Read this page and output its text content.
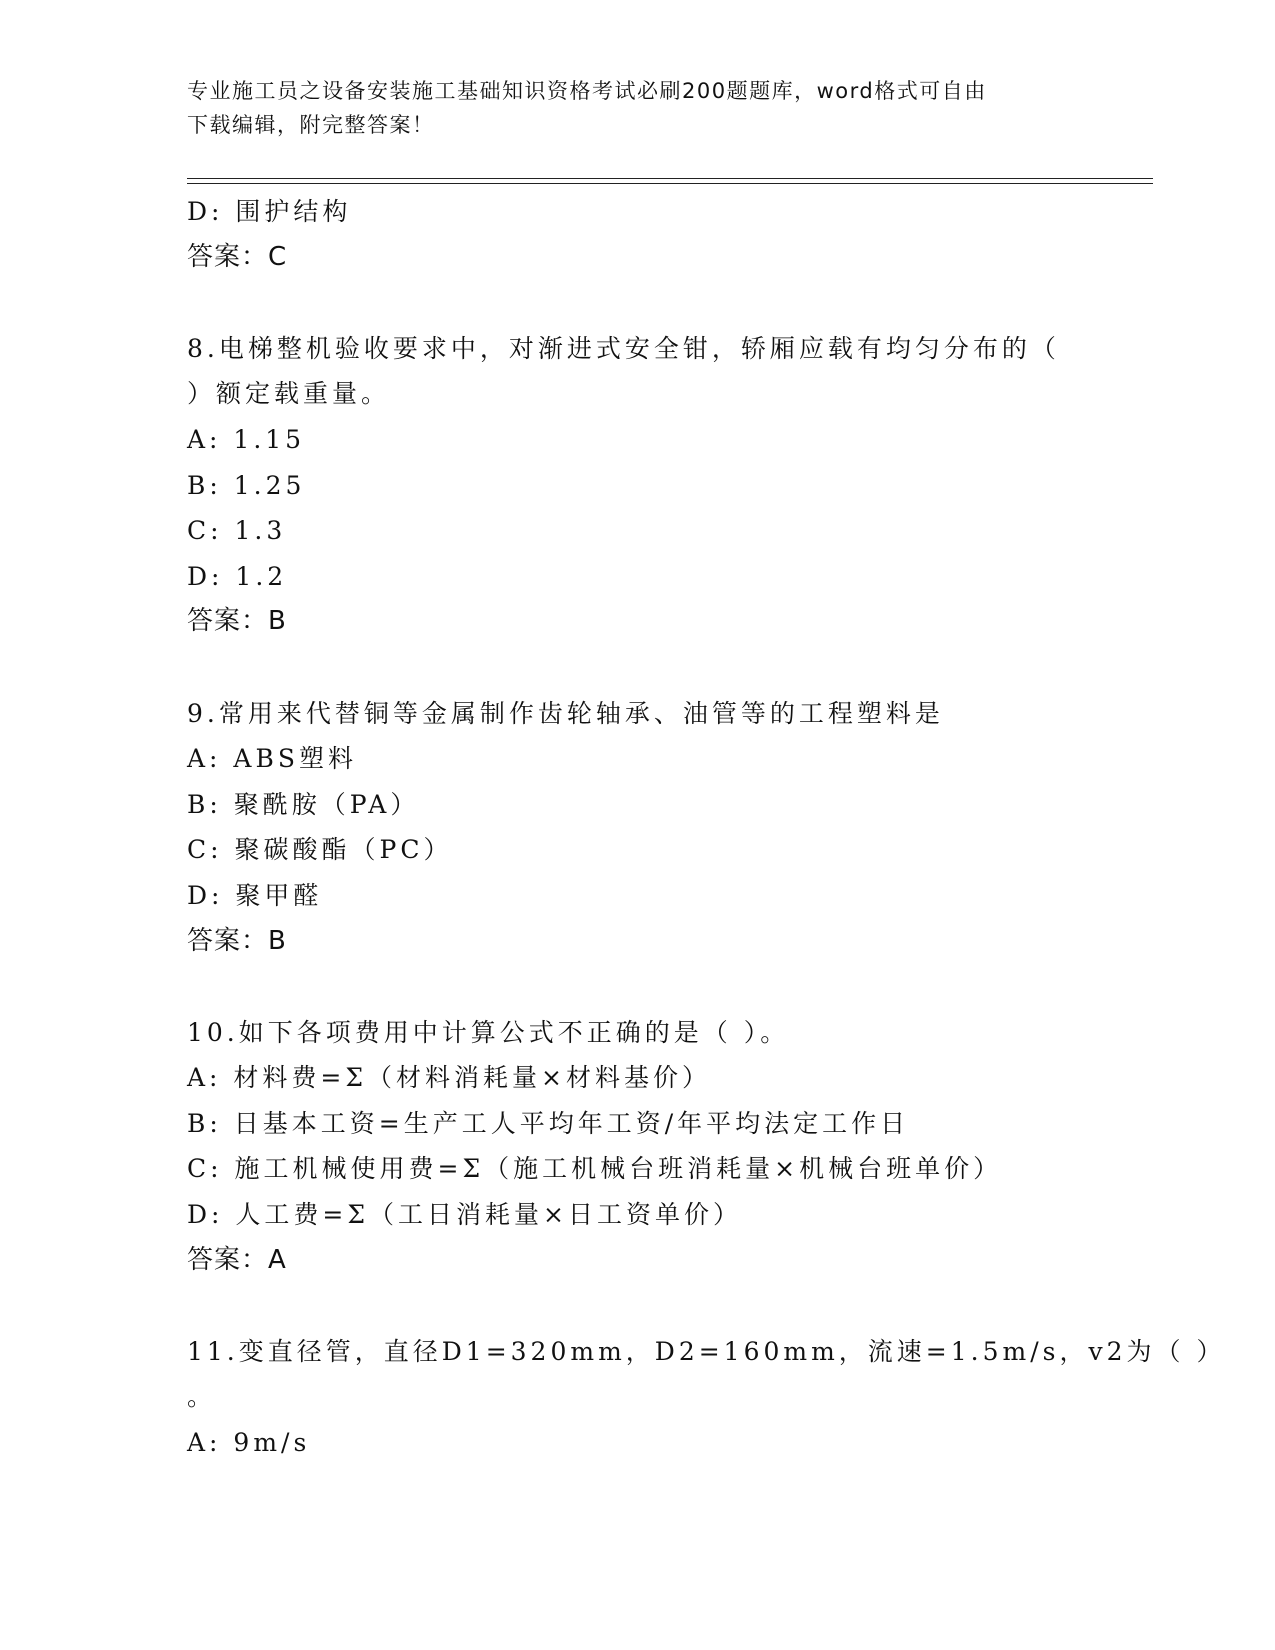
专业施工员之设备安装施工基础知识资格考试必刷200题题库，word格式可自由
下载编辑，附完整答案！
D: 围护结构
答案：C
8.电梯整机验收要求中，对渐进式安全钳，轿厢应载有均匀分布的（
）额定载重量。
A: 1.15
B: 1.25
C: 1.3
D: 1.2
答案：B
9.常用来代替铜等金属制作齿轮轴承、油管等的工程塑料是
A: ABS塑料
B: 聚酰胺（PA）
C: 聚碳酸酯（PC）
D: 聚甲醛
答案：B
10.如下各项费用中计算公式不正确的是（ ）。
A: 材料费=Σ（材料消耗量×材料基价）
B: 日基本工资=生产工人平均年工资/年平均法定工作日
C: 施工机械使用费=Σ（施工机械台班消耗量×机械台班单价）
D: 人工费=Σ（工日消耗量×日工资单价）
答案：A
11.变直径管，直径D1=320mm，D2=160mm，流速=1.5m/s，v2为（ ）
。
A: 9m/s
